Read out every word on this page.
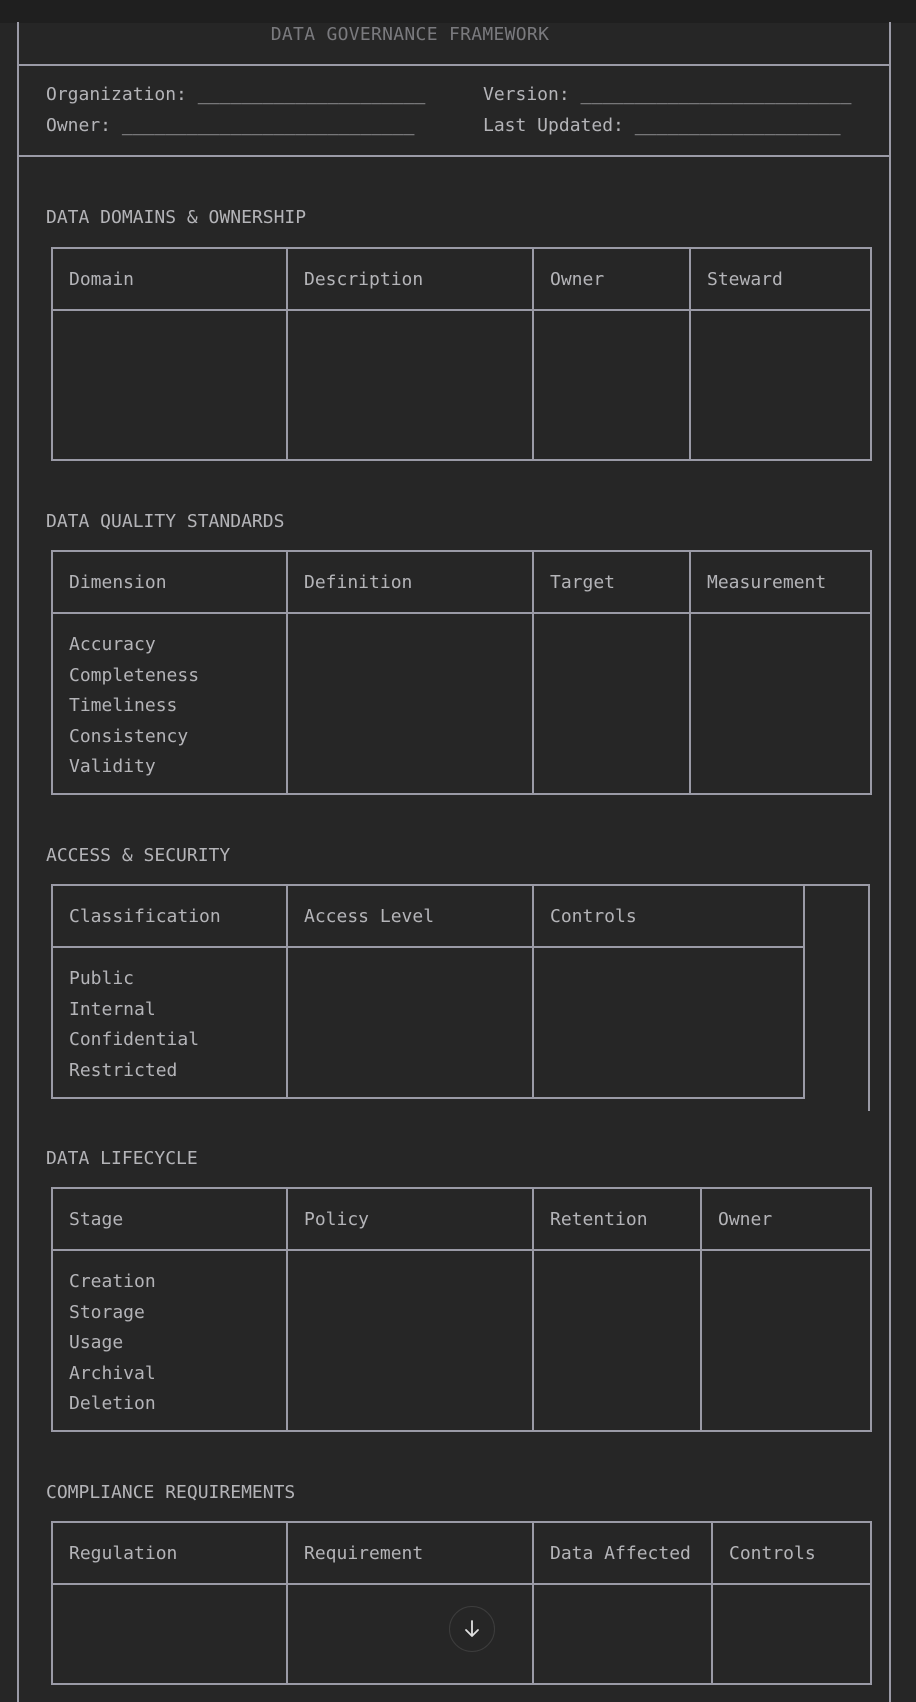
DATA GOVERNANCE FRAMEWORK
Organization: _____________________	Version: _________________________
Owner: ___________________________	Last Updated: ___________________
DATA DOMAINS & OWNERSHIP
Domain	Description	Owner	Steward

DATA QUALITY STANDARDS
Dimension	Definition	Target	Measurement

Accuracy
Completeness
Timeliness
Consistency
Validity			

ACCESS & SECURITY
Classification	Access Level	Controls

Public
Internal
Confidential
Restricted		

DATA LIFECYCLE
Stage	Policy	Retention	Owner

Creation
Storage
Usage
Archival
Deletion			

COMPLIANCE REQUIREMENTS
Regulation	Requirement	Data Affected	Controls
